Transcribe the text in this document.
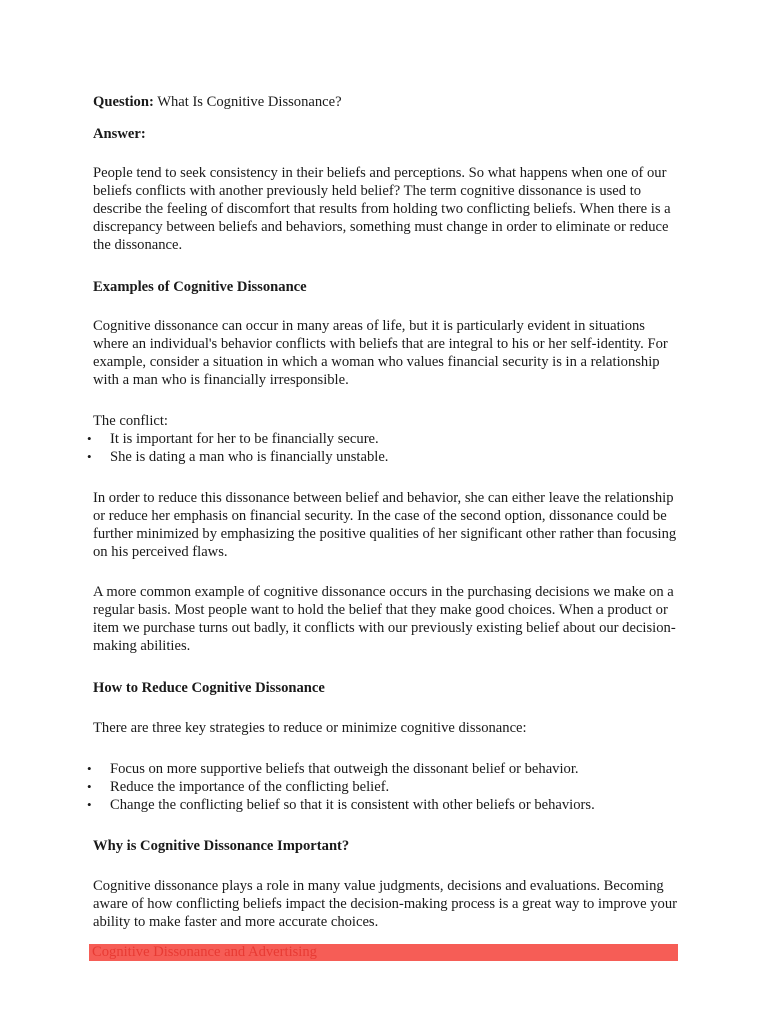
Question: What Is Cognitive Dissonance?

Answer:

People tend to seek consistency in their beliefs and perceptions. So what happens when one of our beliefs conflicts with another previously held belief? The term cognitive dissonance is used to describe the feeling of discomfort that results from holding two conflicting beliefs. When there is a discrepancy between beliefs and behaviors, something must change in order to eliminate or reduce the dissonance.

Examples of Cognitive Dissonance

Cognitive dissonance can occur in many areas of life, but it is particularly evident in situations where an individual's behavior conflicts with beliefs that are integral to his or her self-identity. For example, consider a situation in which a woman who values financial security is in a relationship with a man who is financially irresponsible.

The conflict:

• It is important for her to be financially secure.
• She is dating a man who is financially unstable.

In order to reduce this dissonance between belief and behavior, she can either leave the relationship or reduce her emphasis on financial security. In the case of the second option, dissonance could be further minimized by emphasizing the positive qualities of her significant other rather than focusing on his perceived flaws.

A more common example of cognitive dissonance occurs in the purchasing decisions we make on a regular basis. Most people want to hold the belief that they make good choices. When a product or item we purchase turns out badly, it conflicts with our previously existing belief about our decision-making abilities.

How to Reduce Cognitive Dissonance

There are three key strategies to reduce or minimize cognitive dissonance:

• Focus on more supportive beliefs that outweigh the dissonant belief or behavior.
• Reduce the importance of the conflicting belief.
• Change the conflicting belief so that it is consistent with other beliefs or behaviors.

Why is Cognitive Dissonance Important?

Cognitive dissonance plays a role in many value judgments, decisions and evaluations. Becoming aware of how conflicting beliefs impact the decision-making process is a great way to improve your ability to make faster and more accurate choices.

Cognitive Dissonance and Advertising
